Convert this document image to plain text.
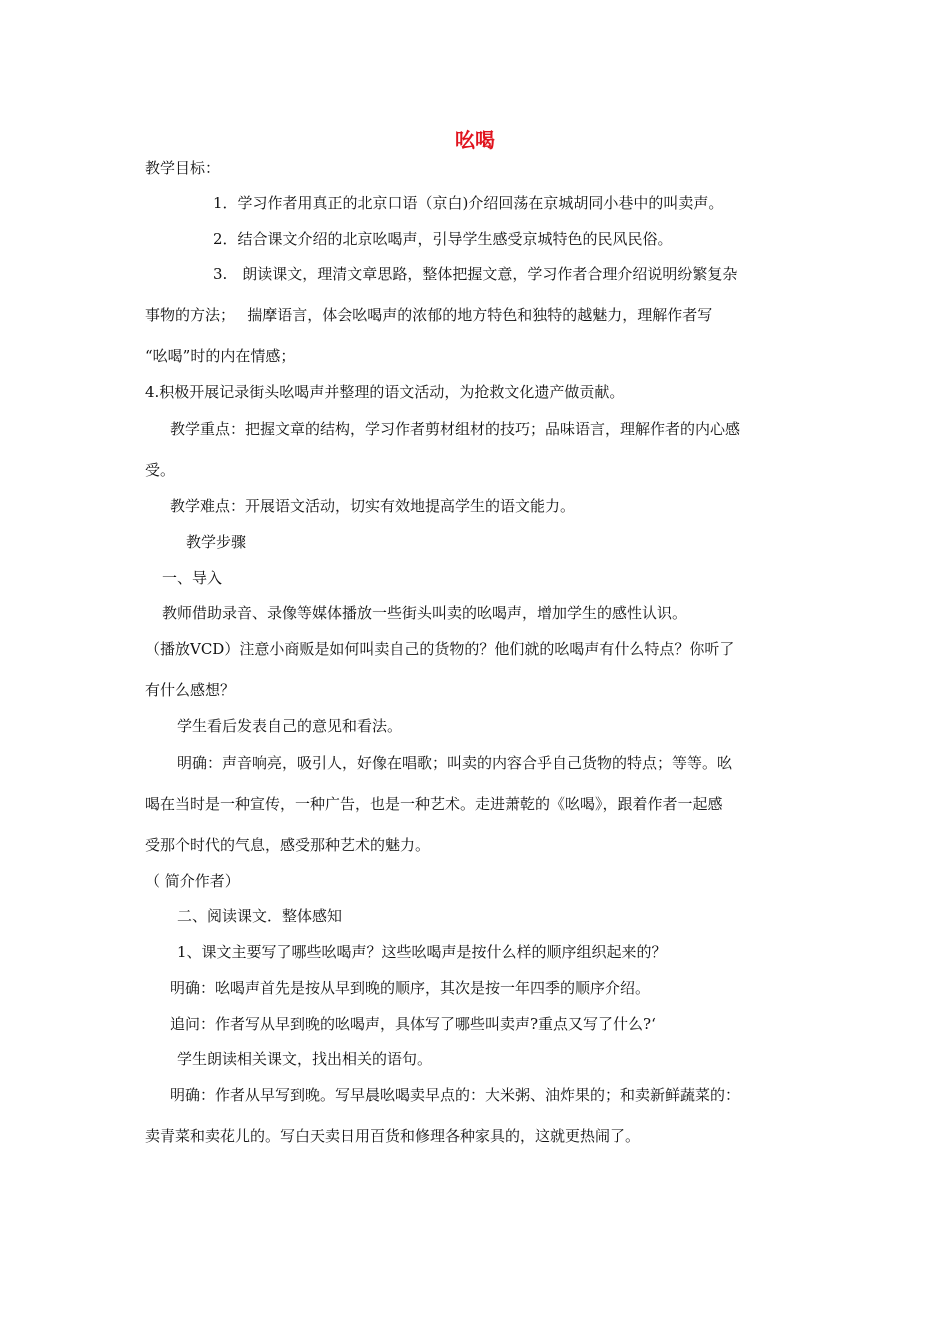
吆喝
教学目标：
1．学习作者用真正的北京口语（京白)介绍回荡在京城胡同小巷中的叫卖声。
2．结合课文介绍的北京吆喝声，引导学生感受京城特色的民风民俗。
3.　朗读课文，理清文章思路，整体把握文意，学习作者合理介绍说明纷繁复杂
事物的方法；　 揣摩语言，体会吆喝声的浓郁的地方特色和独特的越魅力，理解作者写
“吆喝”时的内在情感；
4.积极开展记录街头吆喝声并整理的语文活动，为抢救文化遗产做贡献。
教学重点：把握文章的结构，学习作者剪材组材的技巧；品味语言，理解作者的内心感
受。
教学难点：开展语文活动，切实有效地提高学生的语文能力。
教学步骤
一、导入
教师借助录音、录像等媒体播放一些街头叫卖的吆喝声，增加学生的感性认识。
（播放VCD）注意小商贩是如何叫卖自己的货物的？他们就的吆喝声有什么特点？你听了
有什么感想？
学生看后发表自己的意见和看法。
明确：声音响亮，吸引人，好像在唱歌；叫卖的内容合乎自己货物的特点；等等。吆
喝在当时是一种宣传，一种广告，也是一种艺术。走进萧乾的《吆喝》，跟着作者一起感
受那个时代的气息，感受那种艺术的魅力。
（ 简介作者）
二、阅读课文．整体感知
1、课文主要写了哪些吆喝声？这些吆喝声是按什么样的顺序组织起来的？
明确：吆喝声首先是按从早到晚的顺序，其次是按一年四季的顺序介绍。
追问：作者写从早到晚的吆喝声，具体写了哪些叫卖声?重点又写了什么?‘
学生朗读相关课文，找出相关的语句。
明确：作者从早写到晚。写早晨吆喝卖早点的：大米粥、油炸果的；和卖新鲜蔬菜的：
卖青菜和卖花儿的。写白天卖日用百货和修理各种家具的，这就更热闹了。
